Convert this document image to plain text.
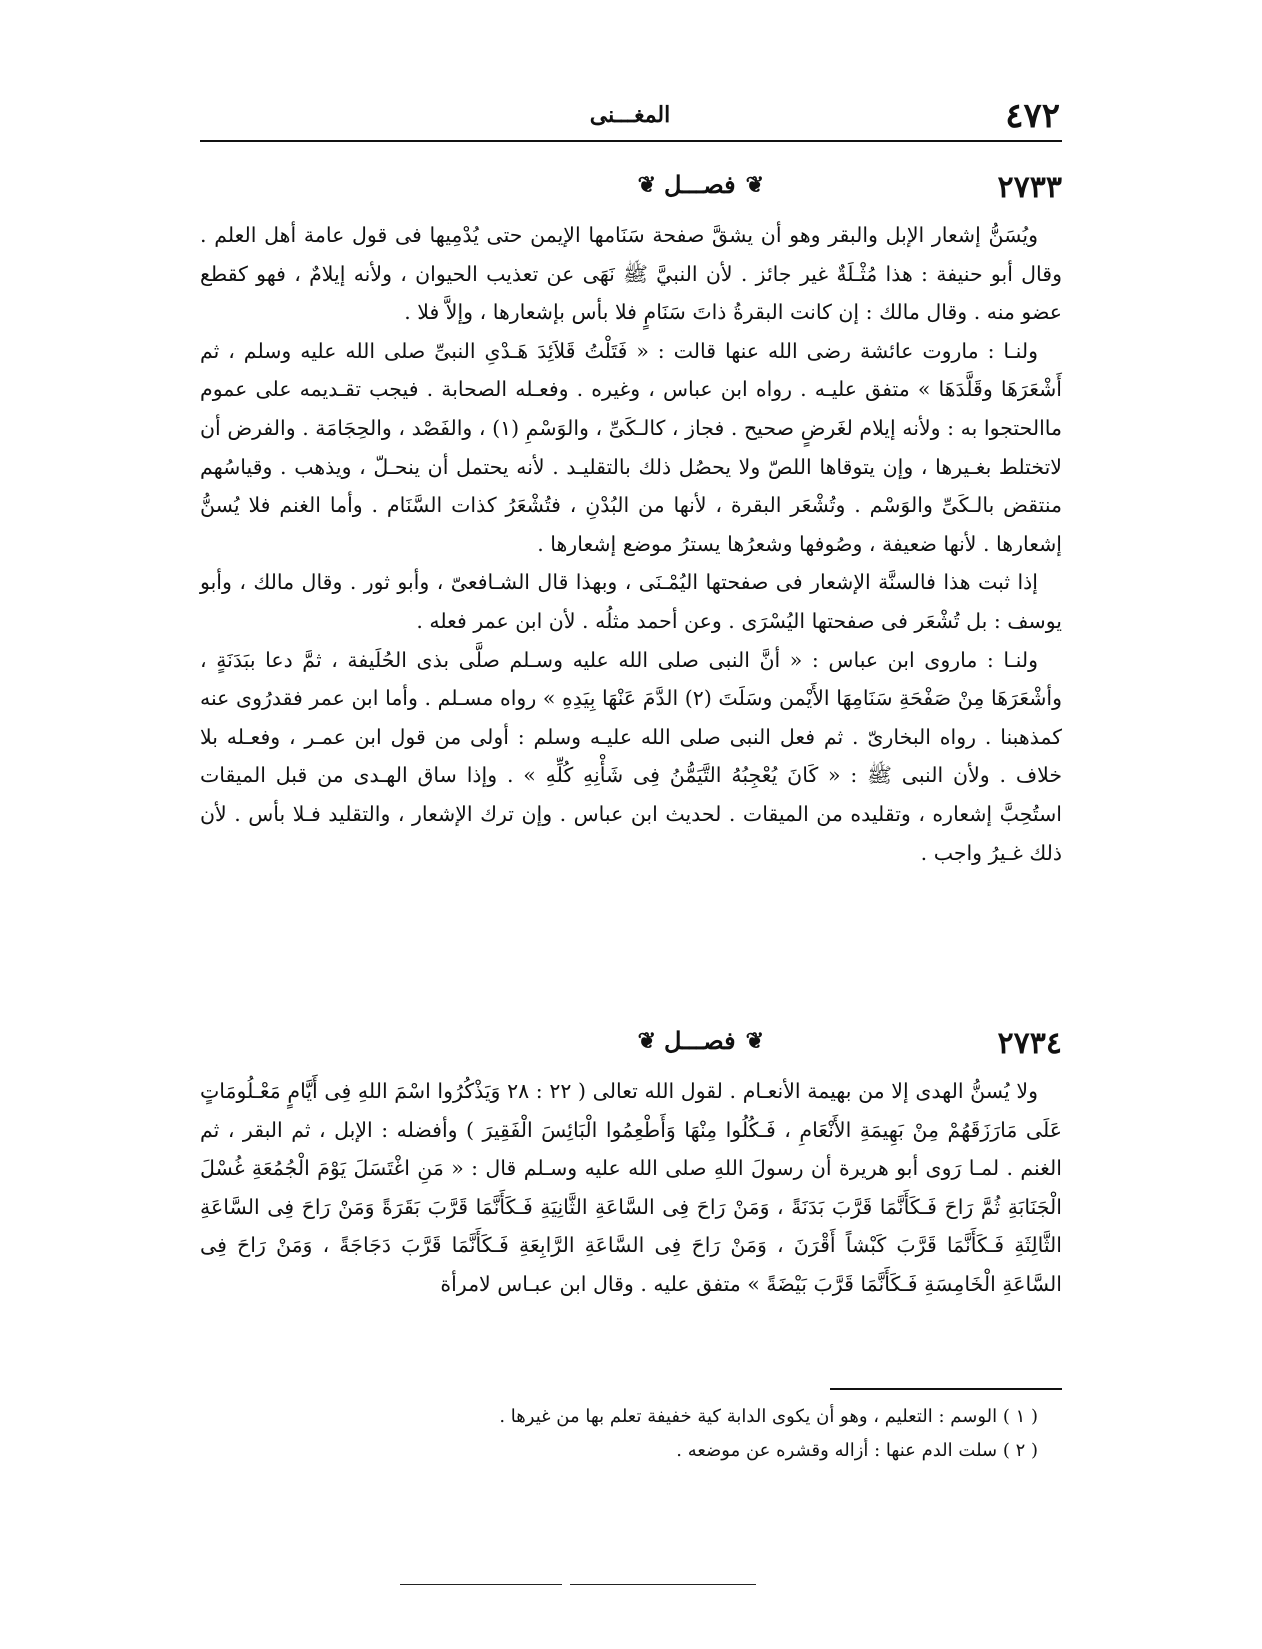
٤٧٢
المغـــنى
٢٧٣٣
❦
فصـــل
❦

ويُسَنُّ إشعار الإبل والبقر وهو أن يشقَّ صفحة سَنَامها الإيمن حتى يُدْمِيها فى قول عامة أهل العلم . وقال أبو حنيفة : هذا مُثْـلَةٌ غير جائز . لأن النبيَّ ﷺ نَهَى عن تعذيب الحيوان ، ولأنه إيلامٌ ، فهو كقطع عضو منه . وقال مالك : إن كانت البقرةُ ذاتَ سَنَامٍ فلا بأس بإشعارها ، وإلاَّ فلا .

ولنـا : ماروت عائشة رضى الله عنها قالت : « فَتَلْتُ قَلاَئِدَ هَـدْىِ النبىِّ صلى الله عليه وسلم ، ثم أَشْعَرَهَا وقَلَّدَهَا » متفق عليـه . رواه ابن عباس ، وغيره . وفعـله الصحابة . فيجب تقـديمه على عموم ماالحتجوا به : ولأنه إيلام لغَرضٍ صحيح . فجاز ، كالـكَىِّ ، والوَسْمِ (١) ، والفَصْد ، والحِجَامَة . والفرض أن لاتختلط بغـيرها ، وإن يتوقاها اللصّ ولا يحصُل ذلك بالتقليـد . لأنه يحتمل أن ينحـلّ ، ويذهب . وقياسُهم منتقض بالـكَىِّ والوَسْم . وتُشْعَر البقرة ، لأنها من البُدْنِ ، فتُشْعَرُ كذات السَّنَام . وأما الغنم فلا يُسنُّ إشعارها . لأنها ضعيفة ، وصُوفها وشعرُها يسترُ موضع إشعارها .

إذا ثبت هذا فالسنَّة الإشعار فى صفحتها اليُمْـنَى ، وبهذا قال الشـافعىّ ، وأبو ثور . وقال مالك ، وأبو يوسف : بل تُشْعَر فى صفحتها اليُسْرَى . وعن أحمد مثلُه . لأن ابن عمر فعله .

ولنـا : ماروى ابن عباس : « أنَّ النبى صلى الله عليه وسـلم صلَّى بذى الحُلَيفة ، ثمَّ دعا ببَدَنَةٍ ، وأشْعَرَهَا مِنْ صَفْحَةِ سَنَامِهَا الأَيْمن وسَلَتَ (٢) الدَّمَ عَنْهَا بِيَدِهِ » رواه مسـلم . وأما ابن عمر فقدرُوى عنه كمذهبنا . رواه البخارىّ . ثم فعل النبى صلى الله عليـه وسلم : أولى من قول ابن عمـر ، وفعـله بلا خلاف . ولأن النبى ﷺ : « كَانَ يُعْجِبُهُ التَّيَمُّنُ فِى شَأْنِهِ كُلِّهِ » . وإذا ساق الهـدى من قبل الميقات استُحِبَّ إشعاره ، وتقليده من الميقات . لحديث ابن عباس . وإن ترك الإشعار ، والتقليد فـلا بأس . لأن ذلك غـيرُ واجب .

٢٧٣٤
❦
فصـــل
❦

ولا يُسنُّ الهدى إلا من بهيمة الأنعـام . لقول الله تعالى ( ٢٢ : ٢٨ وَيَذْكُرُوا اسْمَ اللهِ فِى أَيَّامٍ مَعْـلُومَاتٍ عَلَى مَارَزَقَهُمْ مِنْ بَهِيمَةِ الأَنْعَامِ ، فَـكُلُوا مِنْهَا وَأَطْعِمُوا الْبَائِسَ الْفَقِيرَ ) وأفضله : الإبل ، ثم البقر ، ثم الغنم . لمـا رَوى أبو هريرة أن رسولَ اللهِ صلى الله عليه وسـلم قال : « مَنِ اغْتَسَلَ يَوْمَ الْجُمُعَةِ غُسْلَ الْجَنَابَةِ ثُمَّ رَاحَ فَـكَأَنَّمَا قَرَّبَ بَدَنَةً ، وَمَنْ رَاحَ فِى السَّاعَةِ الثَّانِيَةِ فَـكَأَنَّمَا قَرَّبَ بَقَرَةً وَمَنْ رَاحَ فِى السَّاعَةِ الثَّالِثَةِ فَـكَأَنَّمَا قَرَّبَ كَبْشاً أَقْرَنَ ، وَمَنْ رَاحَ فِى السَّاعَةِ الرَّابِعَةِ فَـكَأَنَّمَا قَرَّبَ دَجَاجَةً ، وَمَنْ رَاحَ فِى السَّاعَةِ الْخَامِسَةِ فَـكَأَنَّمَا قَرَّبَ بَيْضَةً » متفق عليه . وقال ابن عبـاس لامرأة

( ١ ) الوسم : التعليم ، وهو أن يكوى الدابة كية خفيفة تعلم بها من غيرها .

( ٢ ) سلت الدم عنها : أزاله وقشره عن موضعه .
